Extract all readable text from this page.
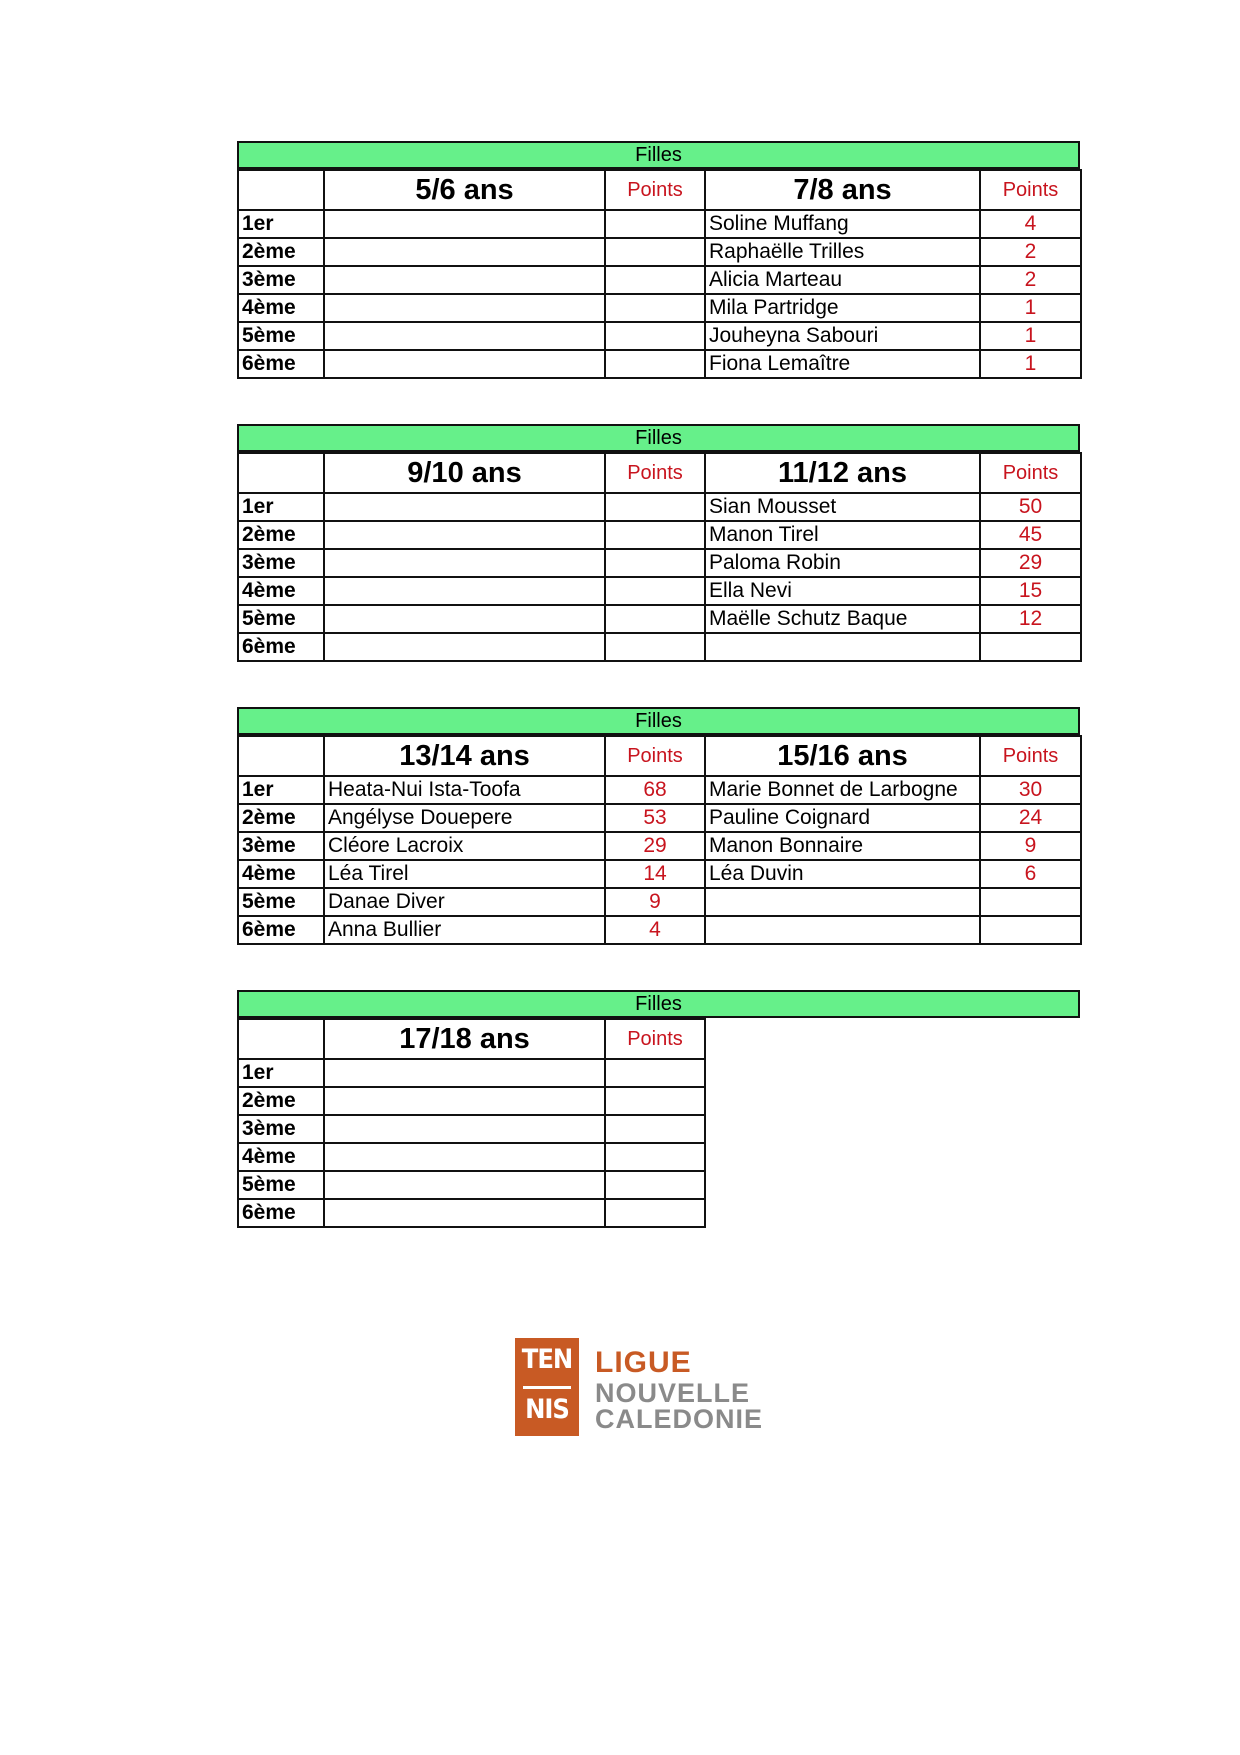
Filles
	5/6 ans	Points	7/8 ans	Points
1er			Soline Muffang	4
2ème			Raphaëlle Trilles	2
3ème			Alicia Marteau	2
4ème			Mila Partridge	1
5ème			Jouheyna Sabouri	1
6ème			Fiona Lemaître	1
Filles
	9/10 ans	Points	11/12 ans	Points
1er			Sian Mousset	50
2ème			Manon Tirel	45
3ème			Paloma Robin	29
4ème			Ella Nevi	15
5ème			Maëlle Schutz Baque	12
6ème				
Filles
	13/14 ans	Points	15/16 ans	Points
1er	Heata-Nui Ista-Toofa	68	Marie Bonnet de Larbogne	30
2ème	Angélyse Douepere	53	Pauline Coignard	24
3ème	Cléore Lacroix	29	Manon Bonnaire	9
4ème	Léa Tirel	14	Léa Duvin	6
5ème	Danae Diver	9		
6ème	Anna Bullier	4		
Filles
	17/18 ans	Points	
1er			
2ème			
3ème			
4ème			
5ème			
6ème			
TEN
NIS
LIGUE
NOUVELLE
CALEDONIE
